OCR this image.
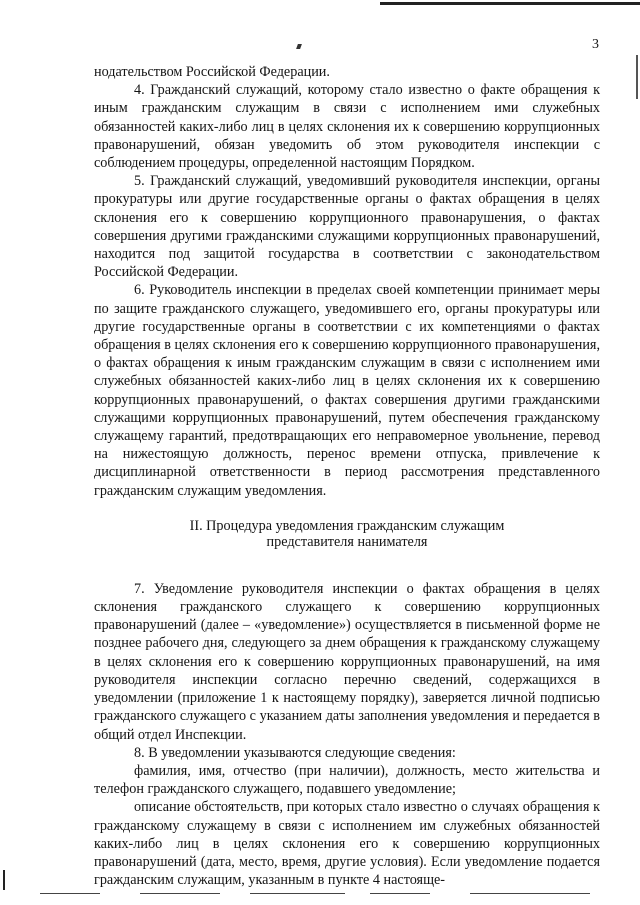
3

нодательством Российской Федерации.

4. Гражданский служащий, которому стало известно о факте обращения к иным гражданским служащим в связи с исполнением ими служебных обязанностей каких-либо лиц в целях склонения их к совершению коррупционных правонарушений, обязан уведомить об этом руководителя инспекции с соблюдением процедуры, определенной настоящим Порядком.

5. Гражданский служащий, уведомивший руководителя инспекции, органы прокуратуры или другие государственные органы о фактах обращения в целях склонения его к совершению коррупционного правонарушения, о фактах совершения другими гражданскими служащими коррупционных правонарушений, находится под защитой государства в соответствии с законодательством Российской Федерации.

6. Руководитель инспекции в пределах своей компетенции принимает меры по защите гражданского служащего, уведомившего его, органы прокуратуры или другие государственные органы в соответствии с их компетенциями о фактах обращения в целях склонения его к совершению коррупционного правонарушения, о фактах обращения к иным гражданским служащим в связи с исполнением ими служебных обязанностей каких-либо лиц в целях склонения их к совершению коррупционных правонарушений, о фактах совершения другими гражданскими служащими коррупционных правонарушений, путем обеспечения гражданскому служащему гарантий, предотвращающих его неправомерное увольнение, перевод на нижестоящую должность, перенос времени отпуска, привлечение к дисциплинарной ответственности в период рассмотрения представленного гражданским служащим уведомления.

II. Процедура уведомления гражданским служащим
представителя нанимателя

7. Уведомление руководителя инспекции о фактах обращения в целях склонения гражданского служащего к совершению коррупционных правонарушений (далее – «уведомление») осуществляется в письменной форме не позднее рабочего дня, следующего за днем обращения к гражданскому служащему в целях склонения его к совершению коррупционных правонарушений, на имя руководителя инспекции согласно перечню сведений, содержащихся в уведомлении (приложение 1 к настоящему порядку), заверяется личной подписью гражданского служащего с указанием даты заполнения уведомления и передается в общий отдел Инспекции.

8. В уведомлении указываются следующие сведения:

фамилия, имя, отчество (при наличии), должность, место жительства и телефон гражданского служащего, подавшего уведомление;

описание обстоятельств, при которых стало известно о случаях обращения к гражданскому служащему в связи с исполнением им служебных обязанностей каких-либо лиц в целях склонения его к совершению коррупционных правонарушений (дата, место, время, другие условия). Если уведомление подается гражданским служащим, указанным в пункте 4 настояще-
